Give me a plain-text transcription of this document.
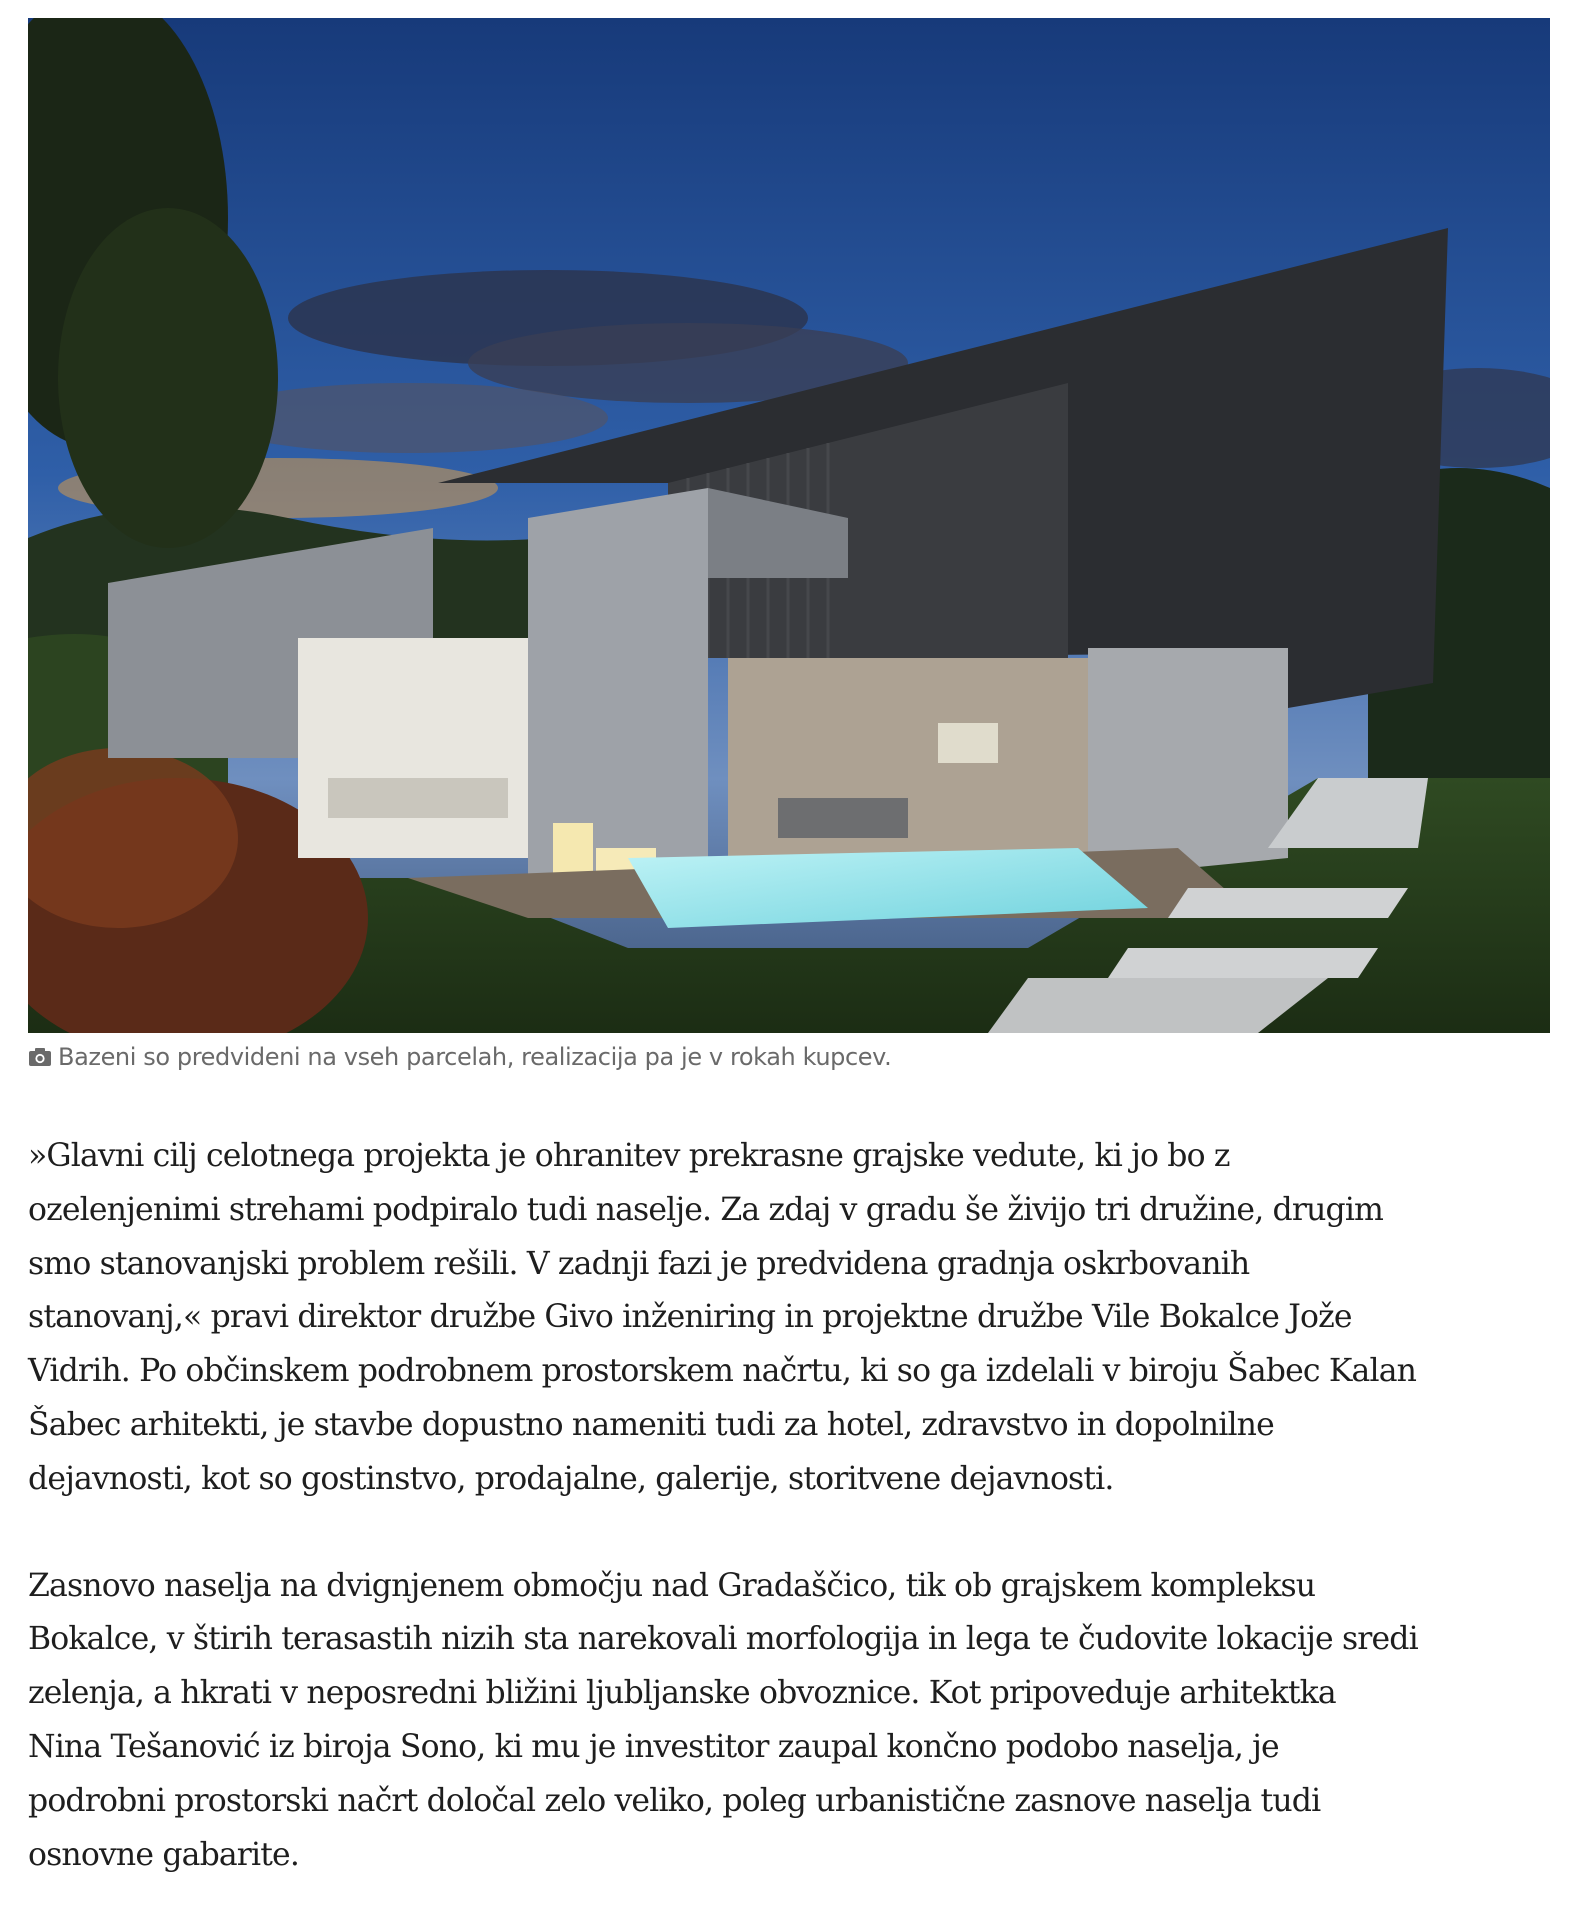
Bazeni so predvideni na vseh parcelah, realizacija pa je v rokah kupcev.

»Glavni cilj celotnega projekta je ohranitev prekrasne grajske vedute, ki jo bo z
ozelenjenimi strehami podpiralo tudi naselje. Za zdaj v gradu še živijo tri družine, drugim
smo stanovanjski problem rešili. V zadnji fazi je predvidena gradnja oskrbovanih
stanovanj,« pravi direktor družbe Givo inženiring in projektne družbe Vile Bokalce Jože
Vidrih. Po občinskem podrobnem prostorskem načrtu, ki so ga izdelali v biroju Šabec Kalan
Šabec arhitekti, je stavbe dopustno nameniti tudi za hotel, zdravstvo in dopolnilne
dejavnosti, kot so gostinstvo, prodajalne, galerije, storitvene dejavnosti.

Zasnovo naselja na dvignjenem območju nad Gradaščico, tik ob grajskem kompleksu
Bokalce, v štirih terasastih nizih sta narekovali morfologija in lega te čudovite lokacije sredi
zelenja, a hkrati v neposredni bližini ljubljanske obvoznice. Kot pripoveduje arhitektka
Nina Tešanović iz biroja Sono, ki mu je investitor zaupal končno podobo naselja, je
podrobni prostorski načrt določal zelo veliko, poleg urbanistične zasnove naselja tudi
osnovne gabarite.
